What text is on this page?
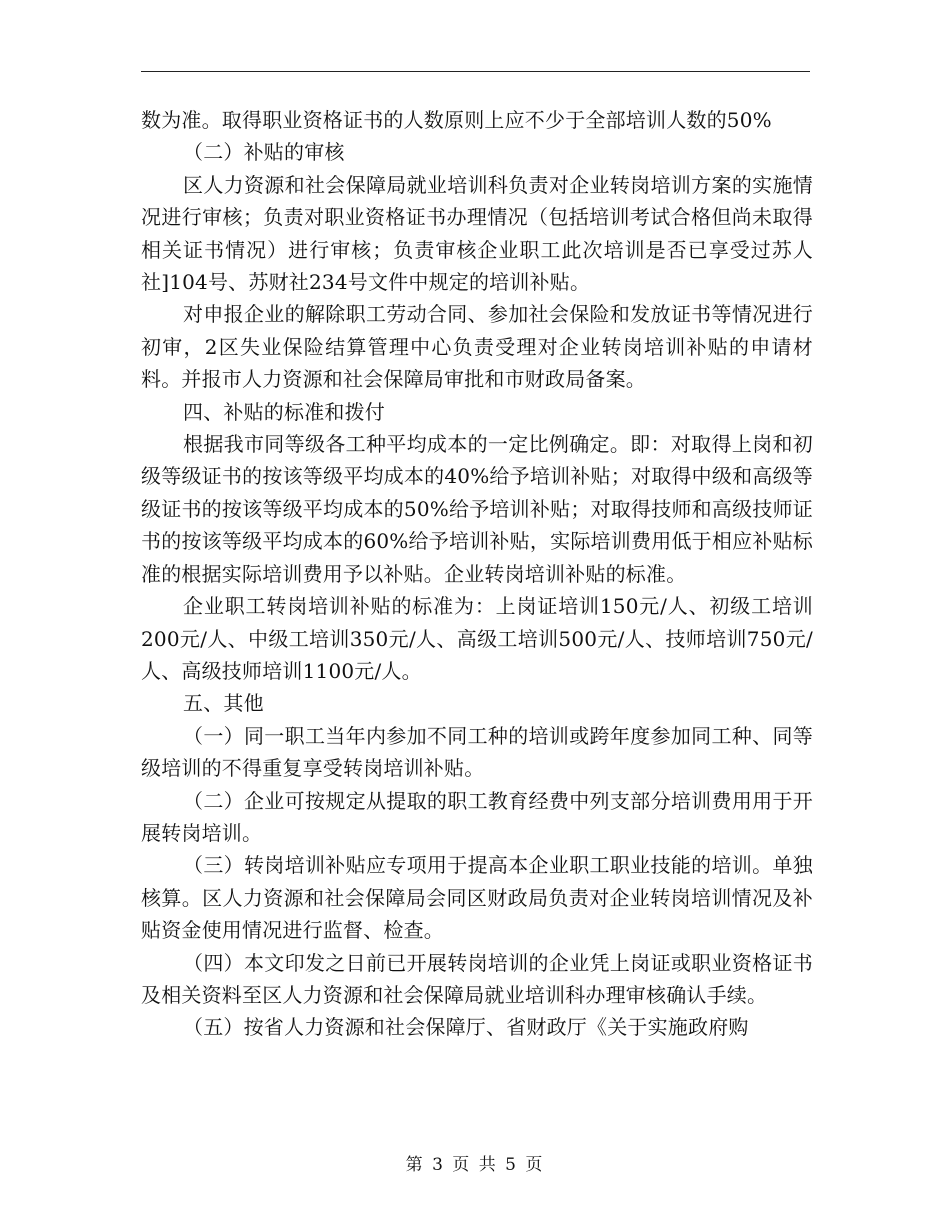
数为准。取得职业资格证书的人数原则上应不少于全部培训人数的50%

（二）补贴的审核

区人力资源和社会保障局就业培训科负责对企业转岗培训方案的实施情况进行审核；负责对职业资格证书办理情况（包括培训考试合格但尚未取得相关证书情况）进行审核；负责审核企业职工此次培训是否已享受过苏人社]104号、苏财社234号文件中规定的培训补贴。

对申报企业的解除职工劳动合同、参加社会保险和发放证书等情况进行初审，2区失业保险结算管理中心负责受理对企业转岗培训补贴的申请材料。并报市人力资源和社会保障局审批和市财政局备案。

四、补贴的标准和拨付

根据我市同等级各工种平均成本的一定比例确定。即：对取得上岗和初级等级证书的按该等级平均成本的40%给予培训补贴；对取得中级和高级等级证书的按该等级平均成本的50%给予培训补贴；对取得技师和高级技师证书的按该等级平均成本的60%给予培训补贴，实际培训费用低于相应补贴标准的根据实际培训费用予以补贴。企业转岗培训补贴的标准。

企业职工转岗培训补贴的标准为：上岗证培训150元/人、初级工培训200元/人、中级工培训350元/人、高级工培训500元/人、技师培训750元/人、高级技师培训1100元/人。

五、其他

（一）同一职工当年内参加不同工种的培训或跨年度参加同工种、同等级培训的不得重复享受转岗培训补贴。

（二）企业可按规定从提取的职工教育经费中列支部分培训费用用于开展转岗培训。

（三）转岗培训补贴应专项用于提高本企业职工职业技能的培训。单独核算。区人力资源和社会保障局会同区财政局负责对企业转岗培训情况及补贴资金使用情况进行监督、检查。

（四）本文印发之日前已开展转岗培训的企业凭上岗证或职业资格证书及相关资料至区人力资源和社会保障局就业培训科办理审核确认手续。

（五）按省人力资源和社会保障厅、省财政厅《关于实施政府购

第 3 页 共 5 页
